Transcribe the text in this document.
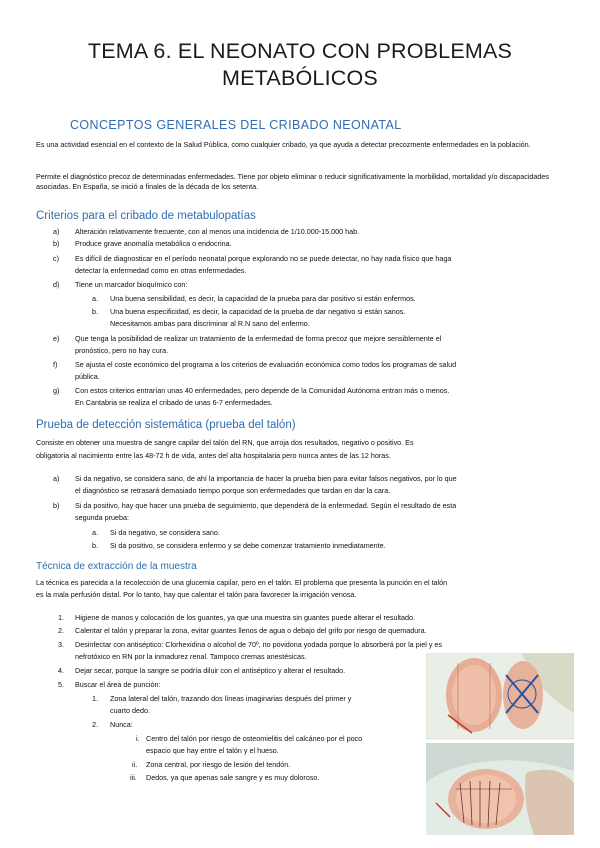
TEMA 6. EL NEONATO CON PROBLEMAS
METABÓLICOS
CONCEPTOS GENERALES DEL CRIBADO NEONATAL
Es una actividad esencial en el contexto de la Salud Pública, como cualquier cribado, ya que ayuda a detectar precozmente enfermedades en la población.
Permite el diagnóstico precoz de determinadas enfermedades. Tiene por objeto eliminar o reducir significativamente la morbilidad, mortalidad y/o discapacidades asociadas. En España, se inició a finales de la década de los setenta.
Criterios para el cribado de metabulopatías
a) Alteración relativamente frecuente, con al menos una incidencia de 1/10.000-15.000 hab.
b) Produce grave anomalía metabólica o endocrina.
c) Es difícil de diagnosticar en el período neonatal porque explorando no se puede detectar, no hay nada físico que haga
detectar la enfermedad como en otras enfermedades.
d) Tiene un marcador bioquímico con:
a. Una buena sensibilidad, es decir, la capacidad de la prueba para dar positivo si están enfermos.
b. Una buena especificidad, es decir, la capacidad de la prueba de dar negativo si están sanos.
Necesitamos ambas para discriminar al R.N sano del enfermo.
e) Que tenga la posibilidad de realizar un tratamiento de la enfermedad de forma precoz que mejore sensiblemente el
pronóstico, pero no hay cura.
f) Se ajusta el coste económico del programa a los criterios de evaluación económica como todos los programas de salud
pública.
g) Con estos criterios entrarían unas 40 enfermedades, pero depende de la Comunidad Autónoma entran más o menos.
En Cantabria se realiza el cribado de unas 6-7 enfermedades.
Prueba de detección sistemática (prueba del talón)
Consiste en obtener una muestra de sangre capilar del talón del RN, que arroja dos resultados, negativo o positivo. Es
obligatoria al nacimiento entre las 48-72 h de vida, antes del alta hospitalaria pero nunca antes de las 12 horas.
a) Si da negativo, se considera sano, de ahí la importancia de hacer la prueba bien para evitar falsos negativos, por lo que
el diagnóstico se retrasará demasiado tiempo porque son enfermedades que tardan en dar la cara.
b) Si da positivo, hay que hacer una prueba de seguimiento, que dependerá de la enfermedad. Según el resultado de esta
segunda prueba:
a. Si da negativo, se considera sano.
b. Si da positivo, se considera enfermo y se debe comenzar tratamiento inmediatamente.
Técnica de extracción de la muestra
La técnica es parecida a la recolección de una glucemia capilar, pero en el talón. El problema que presenta la punción en el talón
es la mala perfusión distal. Por lo tanto, hay que calentar el talón para favorecer la irrigación venosa.
1. Higiene de manos y colocación de los guantes, ya que una muestra sin guantes puede alterar el resultado.
2. Calentar el talón y preparar la zona, evitar guantes llenos de agua o debajo del grifo por riesgo de quemadura.
3. Desinfectar con antiséptico: Clorhexidina o alcohol de 70º, no povidona yodada porque lo absorberá por la piel y es
nefrotóxico en RN por la inmadurez renal. Tampoco cremas anestésicas.
4. Dejar secar, porque la sangre se podría diluir con el antiséptico y alterar el resultado.
5. Buscar el área de punción:
1. Zona lateral del talón, trazando dos líneas imaginarias después del primer y
cuarto dedo.
2. Nunca:
i. Centro del talón por riesgo de osteomielitis del calcáneo por el poco
espacio que hay entre el talón y el hueso.
ii. Zona central, por riesgo de lesión del tendón.
iii. Dedos, ya que apenas sale sangre y es muy doloroso.
